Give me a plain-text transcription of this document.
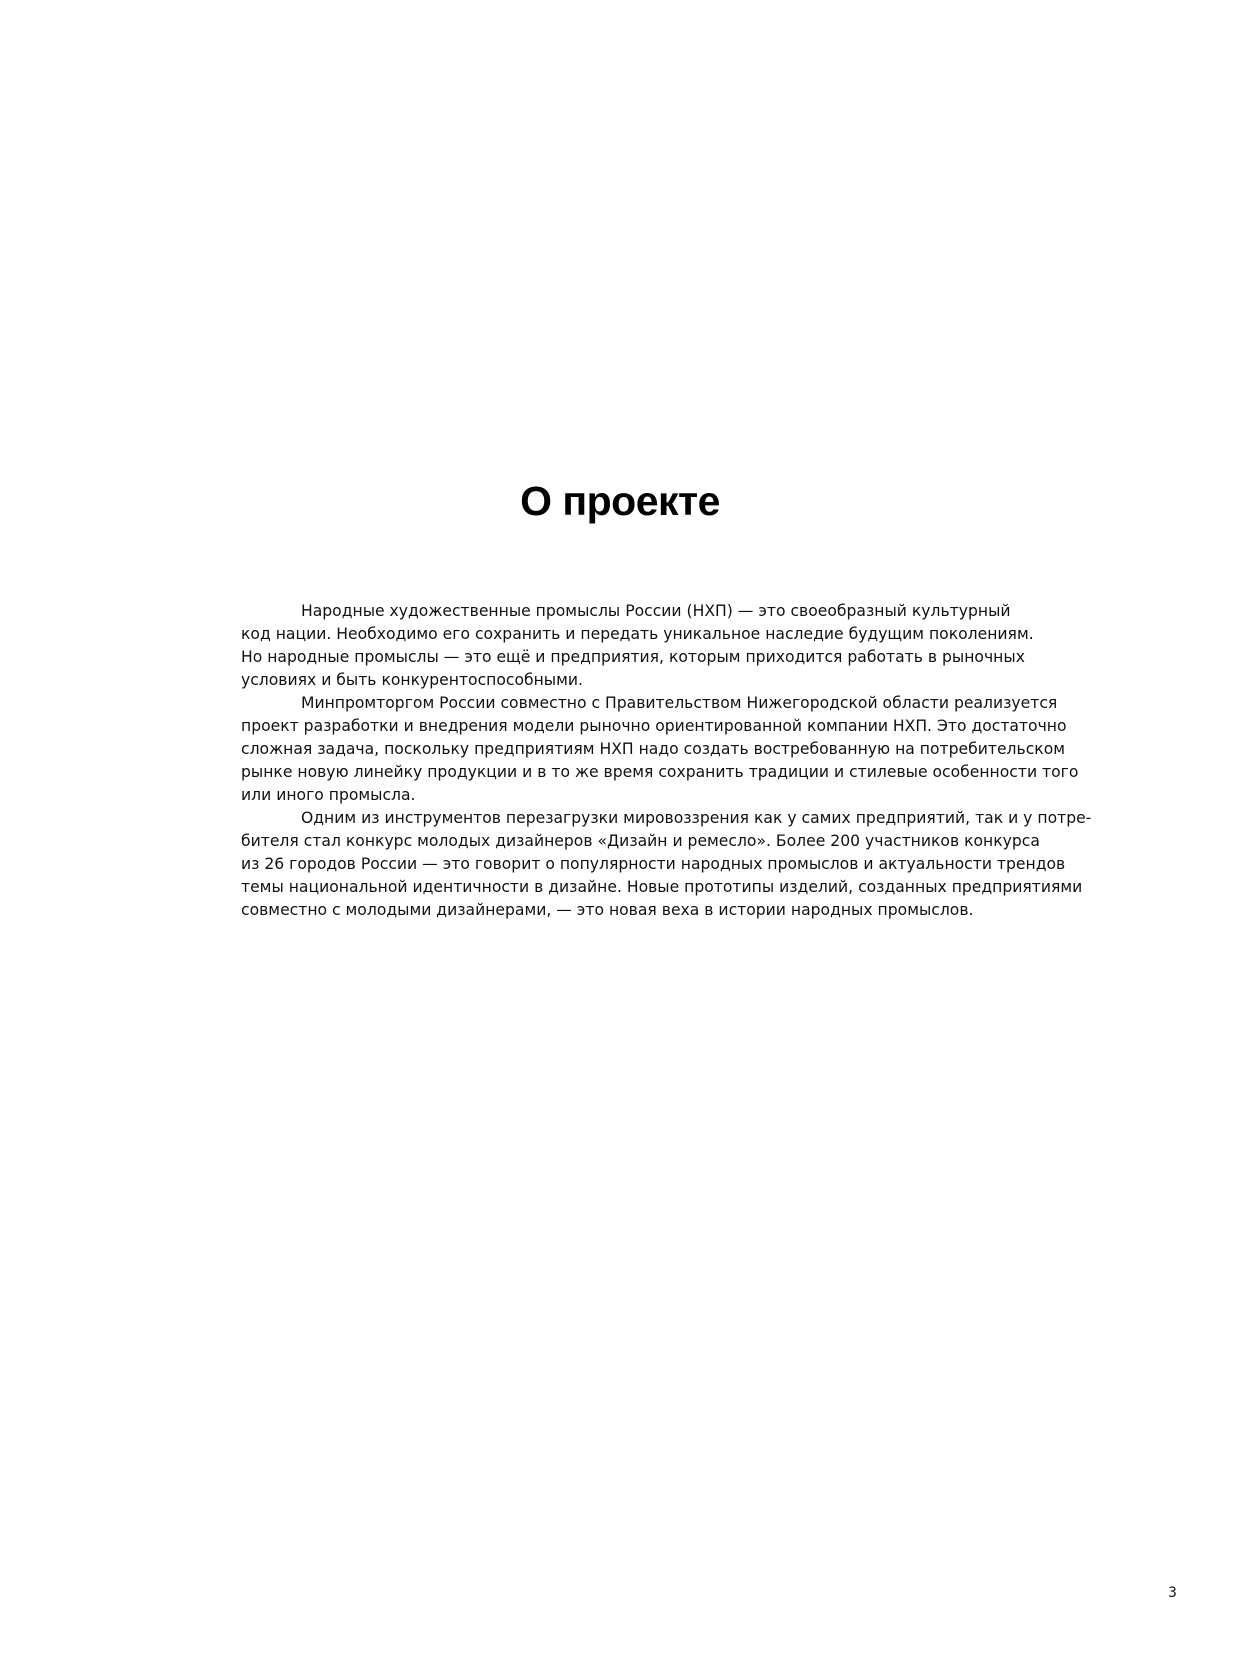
О проекте
Народные художественные промыслы России (НХП) — это своеобразный культурный
код нации. Необходимо его сохранить и передать уникальное наследие будущим поколениям.
Но народные промыслы — это ещё и предприятия, которым приходится работать в рыночных
условиях и быть конкурентоспособными.
Минпромторгом России совместно с Правительством Нижегородской области реализуется
проект разработки и внедрения модели рыночно ориентированной компании НХП. Это достаточно
сложная задача, поскольку предприятиям НХП надо создать востребованную на потребительском
рынке новую линейку продукции и в то же время сохранить традиции и стилевые особенности того
или иного промысла.
Одним из инструментов перезагрузки мировоззрения как у самих предприятий, так и у потре-
бителя стал конкурс молодых дизайнеров «Дизайн и ремесло». Более 200 участников конкурса
из 26 городов России — это говорит о популярности народных промыслов и актуальности трендов
темы национальной идентичности в дизайне. Новые прототипы изделий, созданных предприятиями
совместно с молодыми дизайнерами, — это новая веха в истории народных промыслов.
3
